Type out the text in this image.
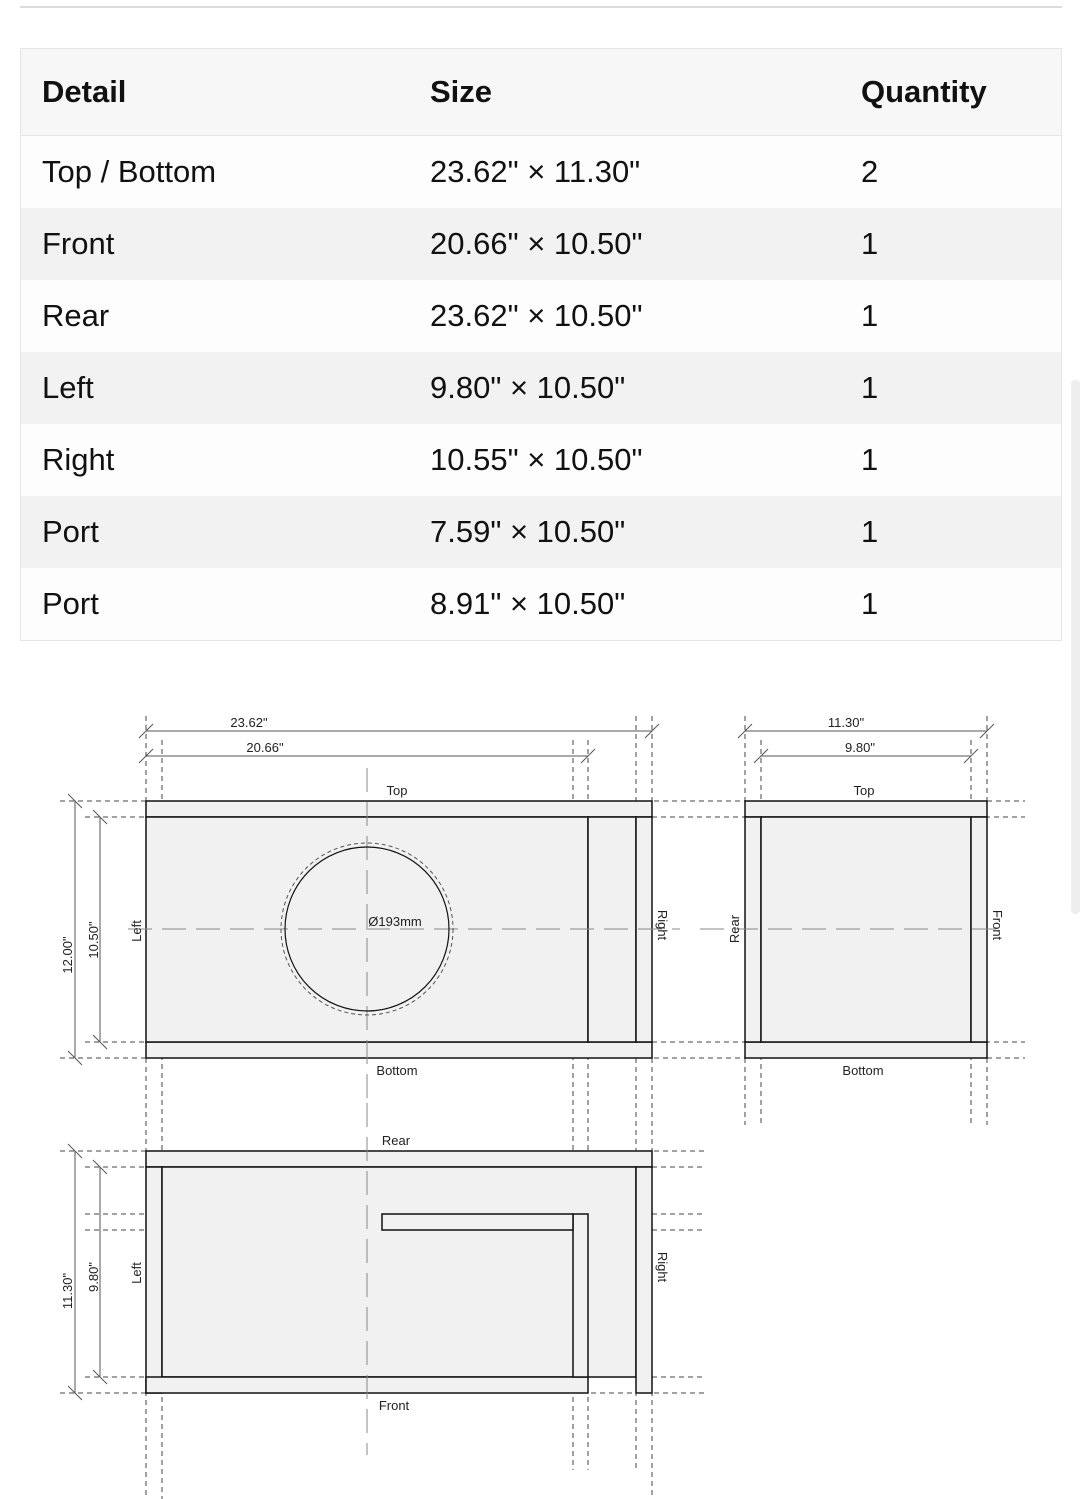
Detail	Size	Quantity
Top / Bottom	23.62" × 11.30"	2
Front	20.66" × 10.50"	1
Rear	23.62" × 10.50"	1
Left	9.80" × 10.50"	1
Right	10.55" × 10.50"	1
Port	7.59" × 10.50"	1
Port	8.91" × 10.50"	1
Ø193mm
23.62"
20.66"
12.00" 10.50"
Top
Bottom
Left	Right
11.30"
9.80"
Top
Bottom
Rear	Front
11.30" 9.80"
Rear
Front
Left	Right
